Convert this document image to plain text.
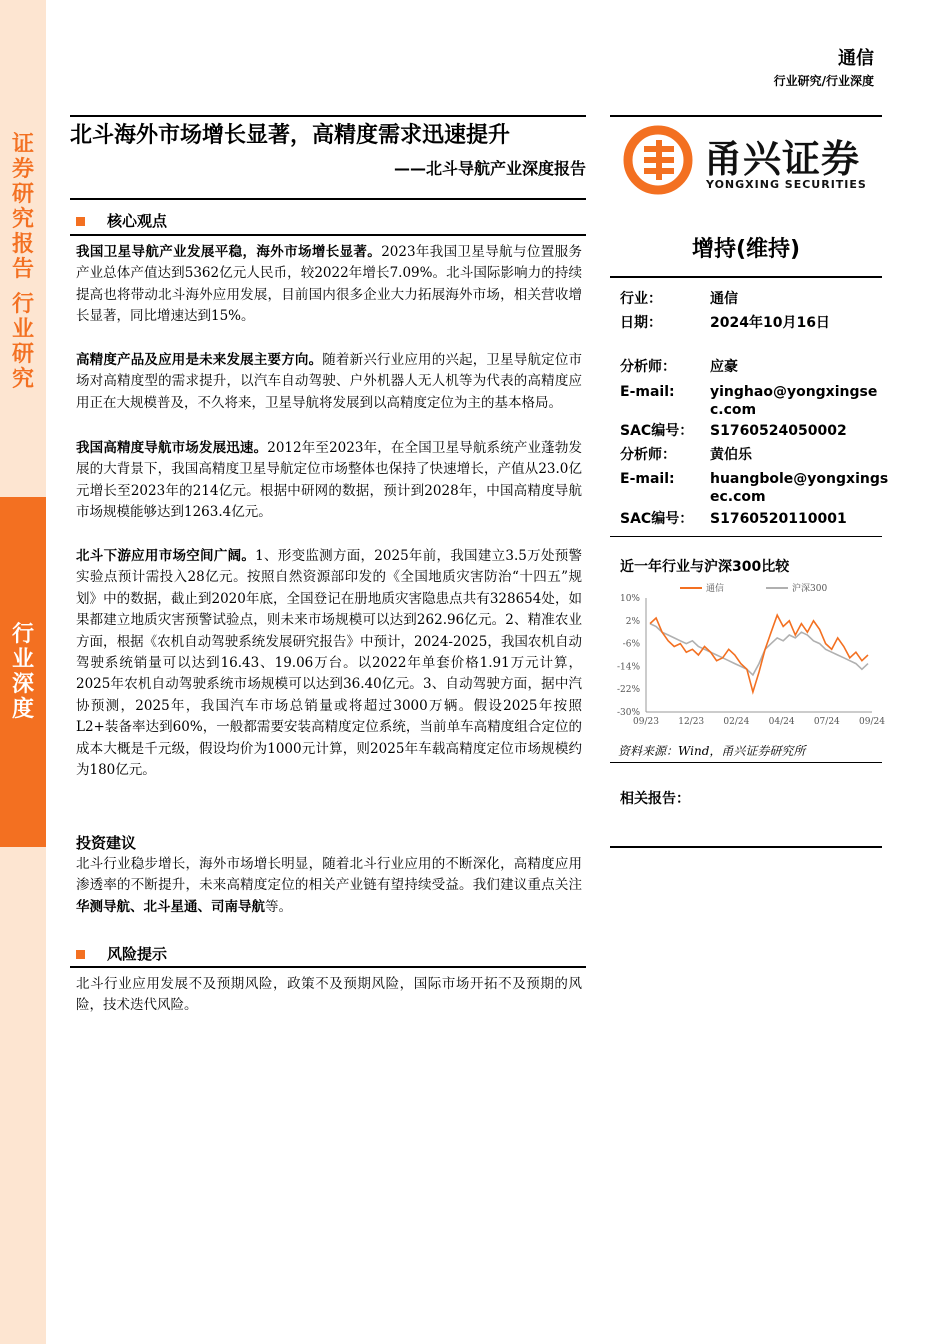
证
券
研
究
报
告

行
业
研
究
行
业
深
度
通信
行业研究/行业深度
北斗海外市场增长显著，高精度需求迅速提升
——北斗导航产业深度报告	甬兴证券
YONGXING SECURITIES
核心观点
我国卫星导航产业发展平稳，海外市场增长显著。2023年我国卫星导航与位置服务产业总体产值达到5362亿元人民币，较2022年增长7.09%。北斗国际影响力的持续提高也将带动北斗海外应用发展，目前国内很多企业大力拓展海外市场，相关营收增长显著，同比增速达到15%。
高精度产品及应用是未来发展主要方向。随着新兴行业应用的兴起，卫星导航定位市场对高精度型的需求提升，以汽车自动驾驶、户外机器人无人机等为代表的高精度应用正在大规模普及，不久将来，卫星导航将发展到以高精度定位为主的基本格局。
我国高精度导航市场发展迅速。2012年至2023年，在全国卫星导航系统产业蓬勃发展的大背景下，我国高精度卫星导航定位市场整体也保持了快速增长，产值从23.0亿元增长至2023年的214亿元。根据中研网的数据，预计到2028年，中国高精度导航市场规模能够达到1263.4亿元。
北斗下游应用市场空间广阔。1、形变监测方面，2025年前，我国建立3.5万处预警实验点预计需投入28亿元。按照自然资源部印发的《全国地质灾害防治“十四五”规划》中的数据，截止到2020年底，全国登记在册地质灾害隐患点共有328654处，如果都建立地质灾害预警试验点，则未来市场规模可以达到262.96亿元。2、精准农业方面，根据《农机自动驾驶系统发展研究报告》中预计，2024-2025，我国农机自动驾驶系统销量可以达到16.43、19.06万台。以2022年单套价格1.91万元计算，2025年农机自动驾驶系统市场规模可以达到36.40亿元。3、自动驾驶方面，据中汽协预测，2025年，我国汽车市场总销量或将超过3000万辆。假设2025年按照L2+装备率达到60%，一般都需要安装高精度定位系统，当前单车高精度组合定位的成本大概是千元级，假设均价为1000元计算，则2025年车载高精度定位市场规模约为180亿元。
投资建议
北斗行业稳步增长，海外市场增长明显，随着北斗行业应用的不断深化，高精度应用渗透率的不断提升，未来高精度定位的相关产业链有望持续受益。我们建议重点关注华测导航、北斗星通、司南导航等。
风险提示
北斗行业应用发展不及预期风险，政策不及预期风险，国际市场开拓不及预期的风险，技术迭代风险。
增持(维持)
行业：	通信
日期：	2024年10月16日
分析师：	应豪
E-mail:	yinghao@yongxingsec.com
SAC编号：	S1760524050002
分析师：	黄伯乐
E-mail:	huangbole@yongxingsec.com
SAC编号：	S1760520110001
近一年行业与沪深300比较
10%
2%
-6%
-14%
-22%
-30%
09/23 12/23 02/24 04/24 07/24 09/24
通信	沪深300
资料来源：Wind，甬兴证券研究所
相关报告：
